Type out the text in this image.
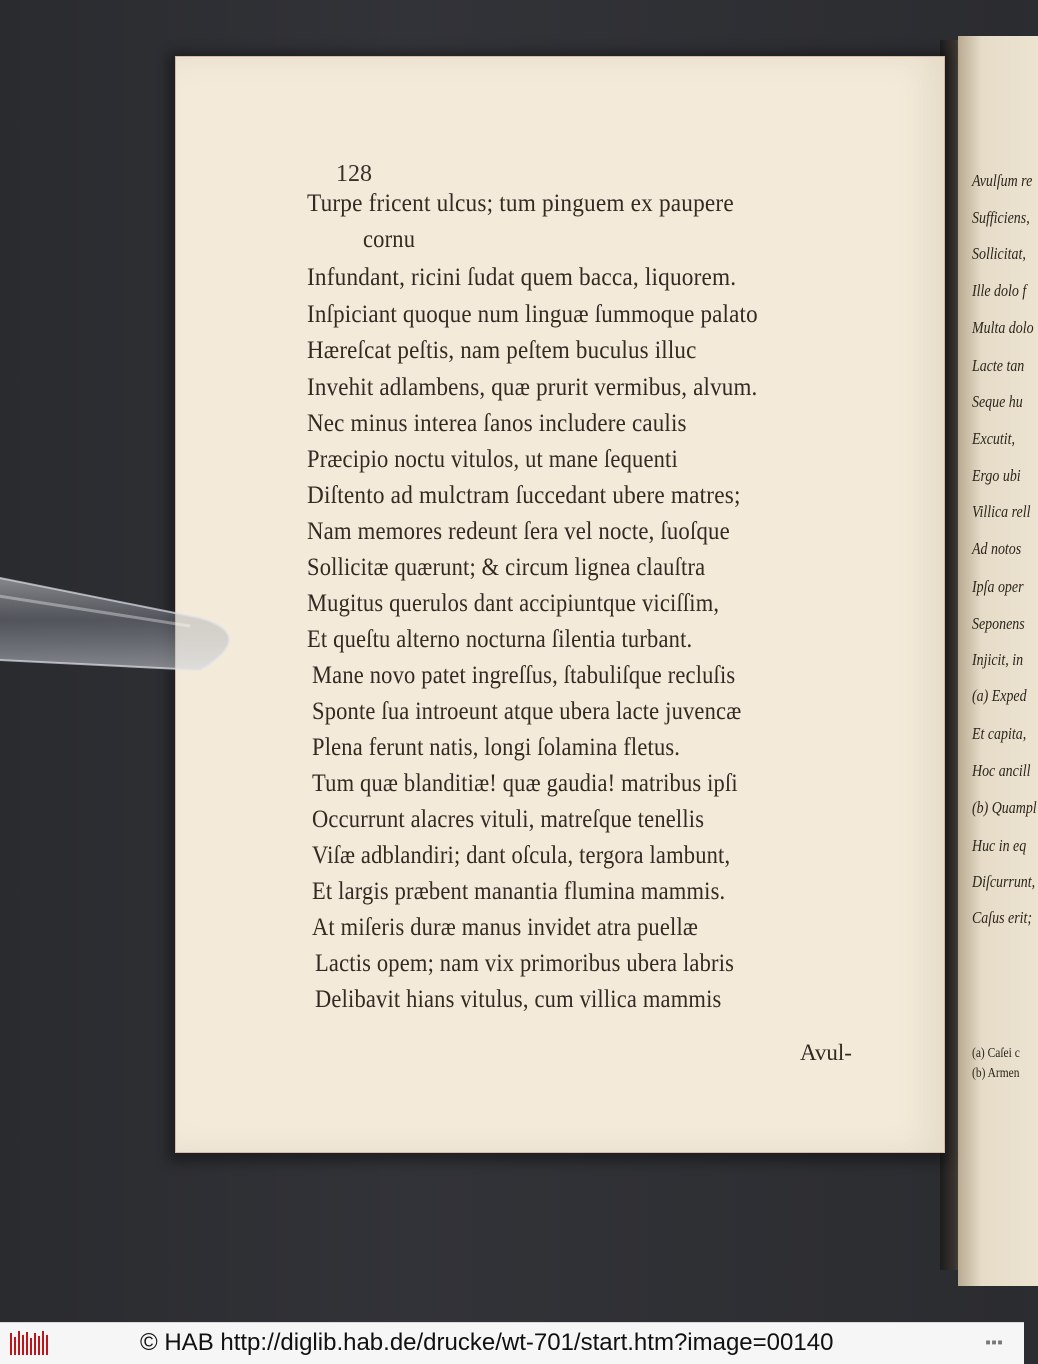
Avulſum re
Sufficiens,
Sollicitat,
Ille dolo f
Multa dolo
Lacte tan
Seque hu
Excutit,
Ergo ubi
Villica rell
Ad notos
Ipſa oper
Seponens
Injicit, in
(a) Exped
Et capita,
Hoc ancill
(b) Quampl
Huc in eq
Diſcurrunt,
Caſus erit;
(a) Caſei c
(b) Armen
128
Turpe fricent ulcus; tum pinguem ex paupere
cornu
Infundant, ricini ſudat quem bacca, liquorem.
Inſpiciant quoque num linguæ ſummoque palato
Hæreſcat peſtis, nam peſtem buculus illuc
Invehit adlambens, quæ prurit vermibus, alvum.
Nec minus interea ſanos includere caulis
Præcipio noctu vitulos, ut mane ſequenti
Diſtento ad mulctram ſuccedant ubere matres;
Nam memores redeunt ſera vel nocte, ſuoſque
Sollicitæ quærunt; & circum lignea clauſtra
Mugitus querulos dant accipiuntque viciſſim,
Et queſtu alterno nocturna ſilentia turbant.
Mane novo patet ingreſſus, ſtabuliſque recluſis
Sponte ſua introeunt atque ubera lacte juvencæ
Plena ferunt natis, longi ſolamina fletus.
Tum quæ blanditiæ! quæ gaudia! matribus ipſi
Occurrunt alacres vituli, matreſque tenellis
Viſæ adblandiri; dant oſcula, tergora lambunt,
Et largis præbent manantia flumina mammis.
At miſeris duræ manus invidet atra puellæ
Lactis opem; nam vix primoribus ubera labris
Delibavit hians vitulus, cum villica mammis
Avul-
© HAB http://diglib.hab.de/drucke/wt-701/start.htm?image=00140	▪▪▪
